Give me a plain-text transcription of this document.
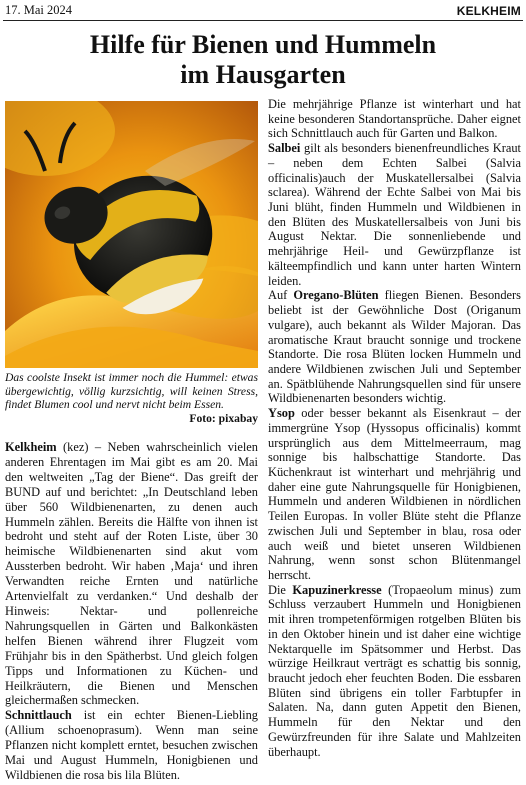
17. Mai 2024	KELKHEIM
Hilfe für Bienen und Hummeln
im Hausgarten
Das coolste Insekt ist immer noch die Hummel: etwas übergewichtig, völlig kurzsichtig, will keinen Stress, findet Blumen cool und nervt nicht beim Essen.
Foto: pixabay

Kelkheim (kez) – Neben wahrscheinlich vielen anderen Ehrentagen im Mai gibt es am 20. Mai den weltweiten „Tag der Biene“. Das greift der BUND auf und berichtet: „In Deutschland leben über 560 Wildbienenarten, zu denen auch Hummeln zählen. Bereits die Hälfte von ihnen ist bedroht und steht auf der Roten Liste, über 30 heimische Wildbienenarten sind akut vom Aussterben bedroht. Wir haben ‚Maja‘ und ihren Verwandten reiche Ernten und natürliche Artenvielfalt zu verdanken.“ Und deshalb der Hinweis: Nektar- und pollenreiche Nahrungsquellen in Gärten und Balkonkästen helfen Bienen während ihrer Flugzeit vom Frühjahr bis in den Spätherbst. Und gleich folgen Tipps und Informationen zu Küchen- und Heilkräutern, die Bienen und Menschen gleichermaßen schmecken.

Schnittlauch ist ein echter Bienen-Liebling (Allium schoenoprasum). Wenn man seine Pflanzen nicht komplett erntet, besuchen zwischen Mai und August Hummeln, Honigbienen und Wildbienen die rosa bis lila Blüten.

Die mehrjährige Pflanze ist winterhart und hat keine besonderen Standortansprüche. Daher eignet sich Schnittlauch auch für Garten und Balkon.

Salbei gilt als besonders bienenfreundliches Kraut – neben dem Echten Salbei (Salvia officinalis)auch der Muskatellersalbei (Salvia sclarea). Während der Echte Salbei von Mai bis Juni blüht, finden Hummeln und Wildbienen in den Blüten des Muskatellersalbeis von Juni bis August Nektar. Die sonnenliebende und mehrjährige Heil- und Gewürzpflanze ist kälteempfindlich und kann unter harten Wintern leiden.

Auf Oregano-Blüten fliegen Bienen. Besonders beliebt ist der Gewöhnliche Dost (Origanum vulgare), auch bekannt als Wilder Majoran. Das aromatische Kraut braucht sonnige und trockene Standorte. Die rosa Blüten locken Hummeln und andere Wildbienen zwischen Juli und September an. Spätblühende Nahrungsquellen sind für unsere Wildbienenarten besonders wichtig.

Ysop oder besser bekannt als Eisenkraut – der immergrüne Ysop (Hyssopus officinalis) kommt ursprünglich aus dem Mittelmeerraum, mag sonnige bis halbschattige Standorte. Das Küchenkraut ist winterhart und mehrjährig und daher eine gute Nahrungsquelle für Honigbienen, Hummeln und anderen Wildbienen in nördlichen Teilen Europas. In voller Blüte steht die Pflanze zwischen Juli und September in blau, rosa oder auch weiß und bietet unseren Wildbienen Nahrung, wenn sonst schon Blütenmangel herrscht.

Die Kapuzinerkresse (Tropaeolum minus) zum Schluss verzaubert Hummeln und Honigbienen mit ihren trompetenförmigen rotgelben Blüten bis in den Oktober hinein und ist daher eine wichtige Nektarquelle im Spätsommer und Herbst. Das würzige Heilkraut verträgt es schattig bis sonnig, braucht jedoch eher feuchten Boden. Die essbaren Blüten sind übrigens ein toller Farbtupfer in Salaten. Na, dann guten Appetit den Bienen, Hummeln für den Nektar und den Gewürzfreunden für ihre Salate und Mahlzeiten überhaupt.
